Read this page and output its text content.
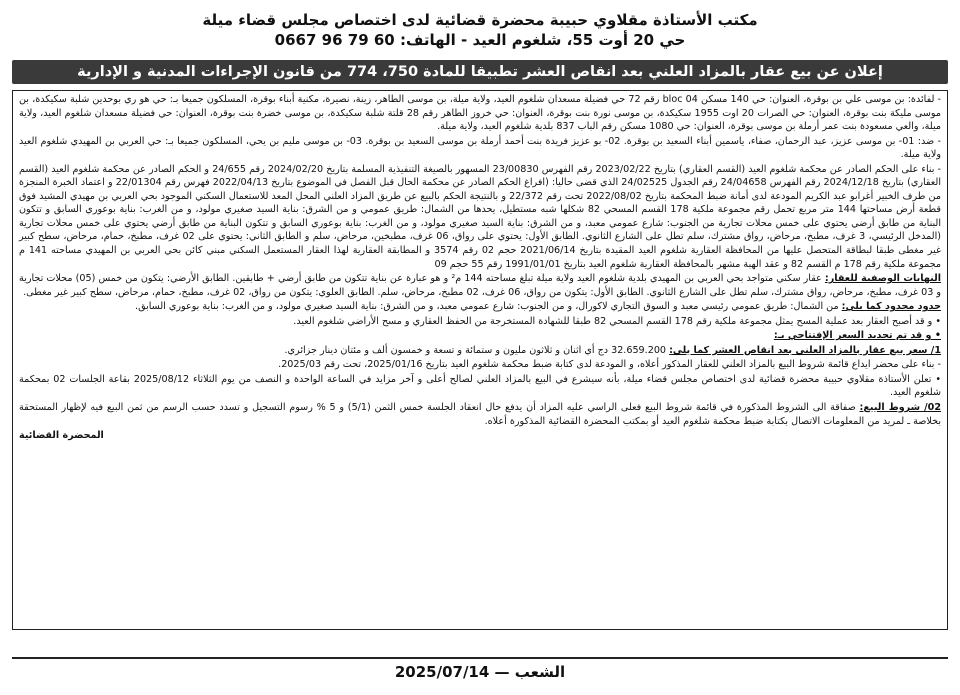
مكتب الأستاذة مقلاوي حبيبة محضرة قضائية لدى اختصاص مجلس قضاء ميلة
حي 20 أوت 55، شلغوم العيد - الهاتف: 60 79 96 0667
إعلان عن بيع عقار بالمزاد العلني بعد انقاص العشر تطبيقا للمادة 750، 774 من قانون الإجراءات المدنية و الإدارية

- لفائدة: بن موسى علي بن بوقرة، العنوان: حي 140 مسكن bloc 04 رقم 72 حي فضيلة مسعدان شلغوم العيد، ولاية ميلة، بن موسى الطاهر، زينة، نصيرة، مكنية أبناء بوقرة، المسلكون جميعا بـ: حي هو ري بوحدين شلبة سكيكدة، بن موسى مليكة بنت بوقرة، العنوان: حي الصرات 20 اوت 1955 سكيكدة، بن موسى نورة بنت بوقرة، العنوان: حي خروز الطاهر رقم 28 قلتة شلبة سكيكدة، بن موسى خضرة بنت بوقرة، العنوان: حي فضيلة مسعدان شلغوم العيد، ولاية ميلة، والعي مسعودة بنت عمر أرملة بن موسى بوقرة، العنوان: حي 1080 مسكن رقم الباب 837 بلدية شلغوم العيد، ولاية ميلة.

- ضد: 01- بن موسى عزيز، عبد الرحمان، صفاء، ياسمين أبناء السعيد بن بوقرة. 02- بو عزيز فريدة بنت أحمد أرملة بن موسى السعيد بن بوقرة. 03- بن موسى مليم بن يحي، المسلكون جميعا بـ: حي العربي بن المهيدي شلغوم العيد ولاية ميلة.

- بناء على الحكم الصادر عن محكمة شلغوم العيد (القسم العقاري) بتاريخ 2023/02/22 رقم الفهرس 23/00830 المسهور بالصيغة التنفيذية المسلمة بتاريخ 2024/02/20 رقم 24/655 و الحكم الصادر عن محكمة شلغوم العيد (القسم العقاري) بتاريخ 2024/12/18 رقم الفهرس 24/04658 رقم الجدول 24/02525 الذي قضى حاليا: (افراغ الحكم الصادر عن محكمة الحال قبل الفصل في الموضوع بتاريخ 2022/04/13 فهرس رقم 22/01304 و اعتماد الخبرة المنجزة من طرف الخبير أغرابو عبد الكريم المودعة لدى أمانة ضبط المحكمة بتاريخ 2022/08/02 تحت رقم 22/372 و بالنتيجة الحكم بالبيع عن طريق المزاد العلني المحل المعد للاستعمال السكني الموجود بحي العربي بن مهيدي المشيد فوق قطعة أرض مساحتها 144 متر مربع تحمل رقم مجموعة ملكية 178 القسم المسحي 82 شكلها شبه مستطيل، يحدها من الشمال: طريق عمومي و من الشرق: بناية السيد صغيري مولود، و من الغرب: بناية بوعوري السابق و تتكون البناية من طابق أرضي يحتوي على خمس محلات تجارية من الجنوب: شارع عمومي معبد، و من الشرق: بناية السيد صغيري مولود، و من الغرب: بناية بوعوري السابق و تتكون البناية من طابق أرضي يحتوي على خمس محلات تجارية (المدخل الرئيسي، 3 غرف، مطبخ، مرحاض، رواق مشترك، سلم تطل على الشارع الثانوي. الطابق الأول: يحتوي على رواق، 06 غرف، مطبخين، مرحاض، سلم و الطابق الثاني: يحتوي على 02 غرف، مطبخ، حمام، مرحاض، سطح كبير غير مغطى طبقا لبطاقة المتحصل عليها من المحافظة العقارية شلغوم العيد المقيدة بتاريخ 2021/06/14 حجم 02 رقم 3574 و المطابقة العقارية لهذا العقار المستعمل السكني مبني كائن بحي العربي بن المهيدي مساحته 141 م مجموعة ملكية رقم 178 م القسم 82 و عقد الهبة مشهر بالمحافظة العقارية شلغوم العيد بتاريخ 1991/01/01 رقم 55 حجم 09

النهايات الوصفية للعقار: عقار سكني متواجد بحي العربي بن المهيدي بلدية شلغوم العيد ولاية ميلة تبلغ مساحته 144 م² و هو عبارة عن بناية تتكون من طابق أرضي + طابقين. الطابق الأرضي: يتكون من خمس (05) محلات تجارية و 03 غرف، مطبخ، مرحاض، رواق مشترك، سلم تطل على الشارع الثانوي. الطابق الأول: يتكون من رواق، 06 غرف، 02 مطبخ، مرحاض، سلم. الطابق العلوي: يتكون من رواق، 02 غرف، مطبخ، حمام، مرحاض، سطح كبير غير مغطى.

حدود محدود كما يلي: من الشمال: طريق عمومي رئيسي معبد و السوق التجاري لاكورال، و من الجنوب: شارع عمومي معبد، و من الشرق: بناية السيد صغيري مولود، و من الغرب: بناية بوعوري السابق.

• و قد أصبح العقار بعد عملية المسح يمثل مجموعة ملكية رقم 178 القسم المسحي 82 طبقا للشهادة المستخرجة من الحفظ العقاري و مسح الأراضي شلغوم العيد.

• و قد تم تحديد السعر الإفتتاحي بـ:

1/ سعر بيع عقار بالمزاد العلني بعد انقاص العشر كما يلي: 32.659.200 دج أي اثنان و ثلاثون مليون و ستمائة و تسعة و خمسون ألف و مئتان دينار جزائري.

- بناء على محضر ايداع قائمة شروط البيع بالمزاد العلني للعقار المذكور أعلاه، و المودعة لدى كتابة ضبط محكمة شلغوم العيد بتاريخ 2025/01/16، تحت رقم 2025/03.

• تعلن الأستاذة مقلاوي حبيبة محضرة قضائية لدى اختصاص مجلس قضاء ميلة، بأنه سيشرع في البيع بالمزاد العلني لصالح أعلى و آخر مزايد في الساعة الواحدة و النصف من يوم الثلاثاء 2025/08/12 بقاعة الجلسات 02 بمحكمة شلغوم العيد.

02/ شروط البيع: صفاقة الى الشروط المذكورة في قائمة شروط البيع فعلى الراسي عليه المزاد أن يدفع حال انعقاد الجلسة خمس الثمن (5/1) و 5 % رسوم التسجيل و تسدد حسب الرسم من ثمن البيع فيه لإظهار المستحقة بخلاصة ـ لمريد من المعلومات الاتصال بكتابة ضبط محكمة شلغوم العيد أو بمكتب المحضرة القضائية المذكورة أعلاه.

المحضرة القضائية
الشعب — 2025/07/14
